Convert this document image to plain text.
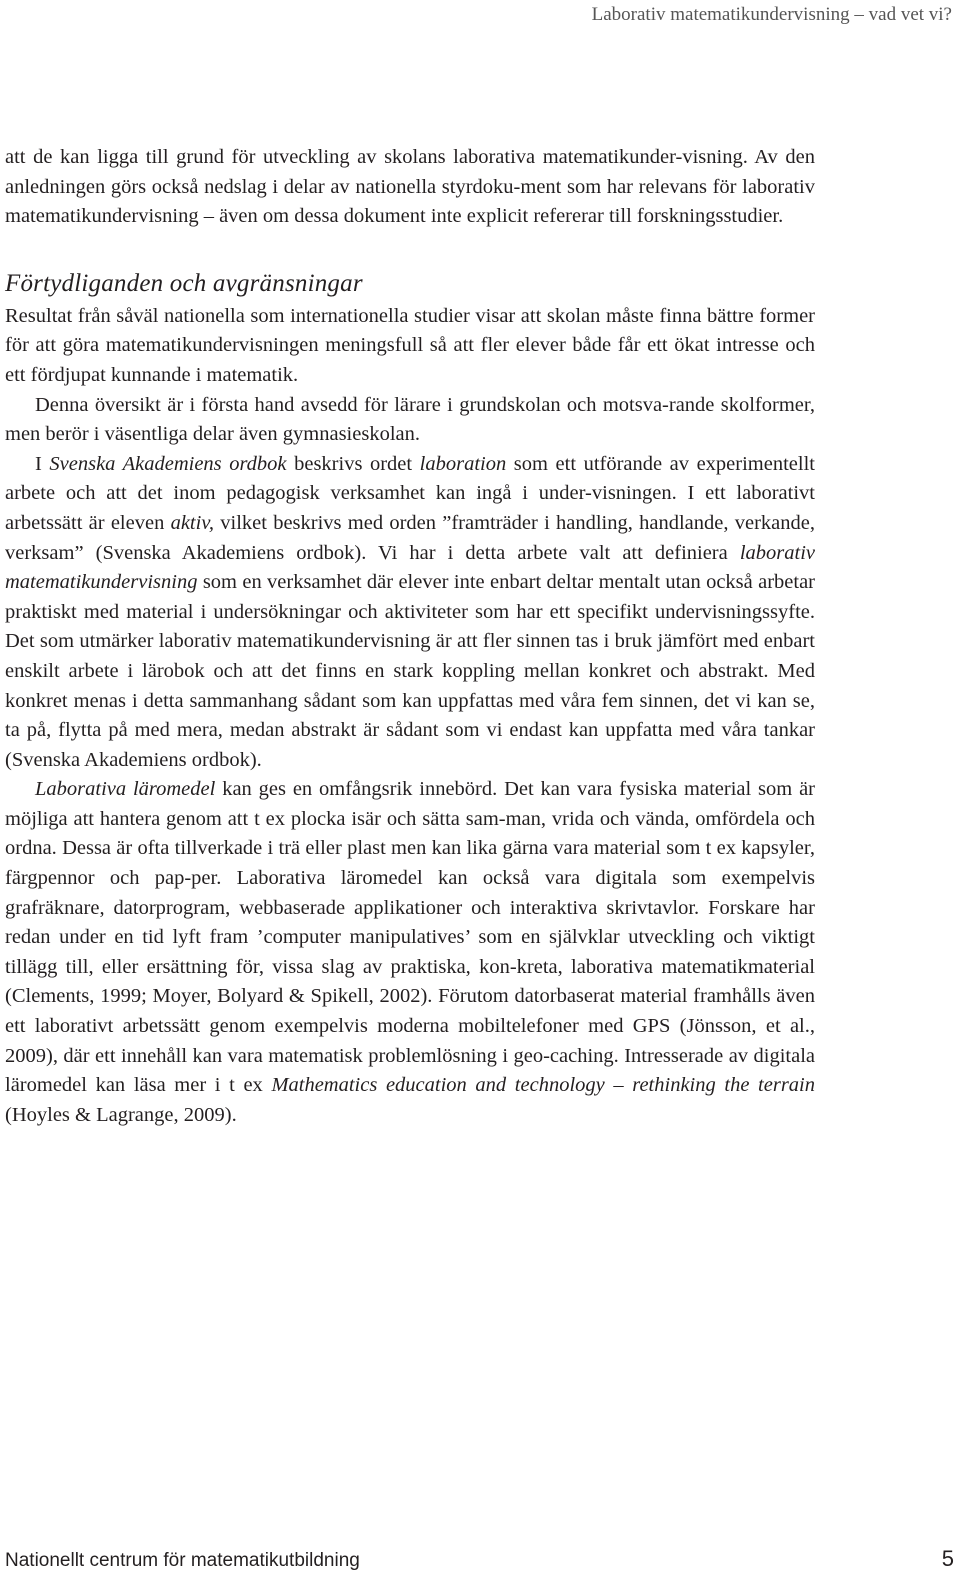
Laborativ matematikundervisning – vad vet vi?

att de kan ligga till grund för utveckling av skolans laborativa matematikunder-visning. Av den anledningen görs också nedslag i delar av nationella styrdoku-ment som har relevans för laborativ matematikundervisning – även om dessa dokument inte explicit refererar till forskningsstudier.

Förtydliganden och avgränsningar

Resultat från såväl nationella som internationella studier visar att skolan måste finna bättre former för att göra matematikundervisningen meningsfull så att fler elever både får ett ökat intresse och ett fördjupat kunnande i matematik.

Denna översikt är i första hand avsedd för lärare i grundskolan och motsva-rande skolformer, men berör i väsentliga delar även gymnasieskolan.

I Svenska Akademiens ordbok beskrivs ordet laboration som ett utförande av experimentellt arbete och att det inom pedagogisk verksamhet kan ingå i under-visningen. I ett laborativt arbetssätt är eleven aktiv, vilket beskrivs med orden ”framträder i handling, handlande, verkande, verksam” (Svenska Akademiens ordbok). Vi har i detta arbete valt att definiera laborativ matematikundervisning som en verksamhet där elever inte enbart deltar mentalt utan också arbetar praktiskt med material i undersökningar och aktiviteter som har ett specifikt undervisningssyfte. Det som utmärker laborativ matematikundervisning är att fler sinnen tas i bruk jämfört med enbart enskilt arbete i lärobok och att det finns en stark koppling mellan konkret och abstrakt. Med konkret menas i detta sammanhang sådant som kan uppfattas med våra fem sinnen, det vi kan se, ta på, flytta på med mera, medan abstrakt är sådant som vi endast kan uppfatta med våra tankar (Svenska Akademiens ordbok).

Laborativa läromedel kan ges en omfångsrik innebörd. Det kan vara fysiska material som är möjliga att hantera genom att t ex plocka isär och sätta sam-man, vrida och vända, omfördela och ordna. Dessa är ofta tillverkade i trä eller plast men kan lika gärna vara material som t ex kapsyler, färgpennor och pap-per. Laborativa läromedel kan också vara digitala som exempelvis grafräknare, datorprogram, webbaserade applikationer och interaktiva skrivtavlor. Forskare har redan under en tid lyft fram ’computer manipulatives’ som en självklar utveckling och viktigt tillägg till, eller ersättning för, vissa slag av praktiska, kon-kreta, laborativa matematikmaterial (Clements, 1999; Moyer, Bolyard & Spikell, 2002). Förutom datorbaserat material framhålls även ett laborativt arbetssätt genom exempelvis moderna mobiltelefoner med GPS (Jönsson, et al., 2009), där ett innehåll kan vara matematisk problemlösning i geo-caching. Intresserade av digitala läromedel kan läsa mer i t ex Mathematics education and technology – rethinking the terrain (Hoyles & Lagrange, 2009).

Nationellt centrum för matematikutbildning	5
